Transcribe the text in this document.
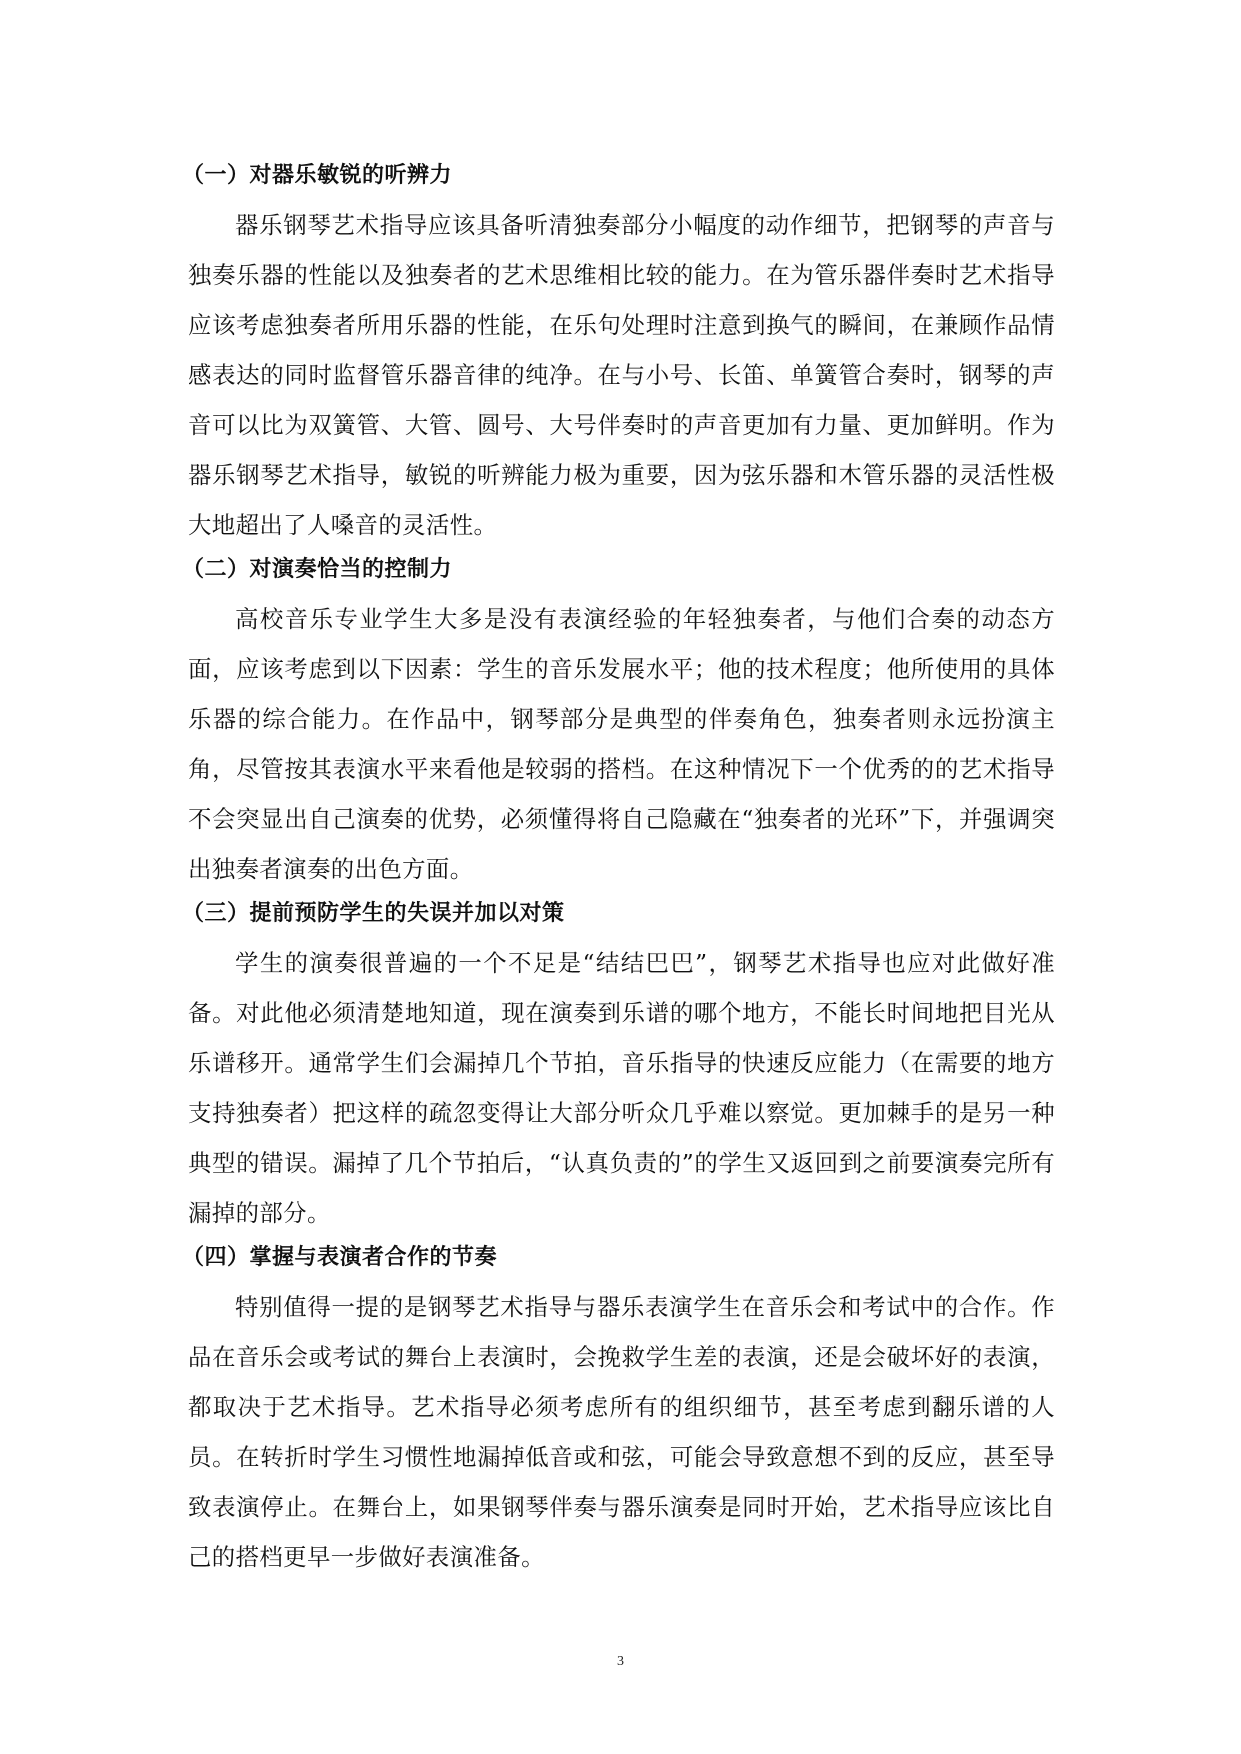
（一）对器乐敏锐的听辨力

器乐钢琴艺术指导应该具备听清独奏部分小幅度的动作细节，把钢琴的声音与独奏乐器的性能以及独奏者的艺术思维相比较的能力。在为管乐器伴奏时艺术指导应该考虑独奏者所用乐器的性能，在乐句处理时注意到换气的瞬间，在兼顾作品情感表达的同时监督管乐器音律的纯净。在与小号、长笛、单簧管合奏时，钢琴的声音可以比为双簧管、大管、圆号、大号伴奏时的声音更加有力量、更加鲜明。作为器乐钢琴艺术指导，敏锐的听辨能力极为重要，因为弦乐器和木管乐器的灵活性极大地超出了人嗓音的灵活性。

（二）对演奏恰当的控制力

高校音乐专业学生大多是没有表演经验的年轻独奏者，与他们合奏的动态方面，应该考虑到以下因素：学生的音乐发展水平；他的技术程度；他所使用的具体乐器的综合能力。在作品中，钢琴部分是典型的伴奏角色，独奏者则永远扮演主角，尽管按其表演水平来看他是较弱的搭档。在这种情况下一个优秀的的艺术指导不会突显出自己演奏的优势，必须懂得将自己隐藏在“独奏者的光环”下，并强调突出独奏者演奏的出色方面。

（三）提前预防学生的失误并加以对策

学生的演奏很普遍的一个不足是“结结巴巴”，钢琴艺术指导也应对此做好准备。对此他必须清楚地知道，现在演奏到乐谱的哪个地方，不能长时间地把目光从乐谱移开。通常学生们会漏掉几个节拍，音乐指导的快速反应能力（在需要的地方支持独奏者）把这样的疏忽变得让大部分听众几乎难以察觉。更加棘手的是另一种典型的错误。漏掉了几个节拍后，“认真负责的”的学生又返回到之前要演奏完所有漏掉的部分。

（四）掌握与表演者合作的节奏

特别值得一提的是钢琴艺术指导与器乐表演学生在音乐会和考试中的合作。作品在音乐会或考试的舞台上表演时，会挽救学生差的表演，还是会破坏好的表演，都取决于艺术指导。艺术指导必须考虑所有的组织细节，甚至考虑到翻乐谱的人员。在转折时学生习惯性地漏掉低音或和弦，可能会导致意想不到的反应，甚至导致表演停止。在舞台上，如果钢琴伴奏与器乐演奏是同时开始，艺术指导应该比自己的搭档更早一步做好表演准备。

3
